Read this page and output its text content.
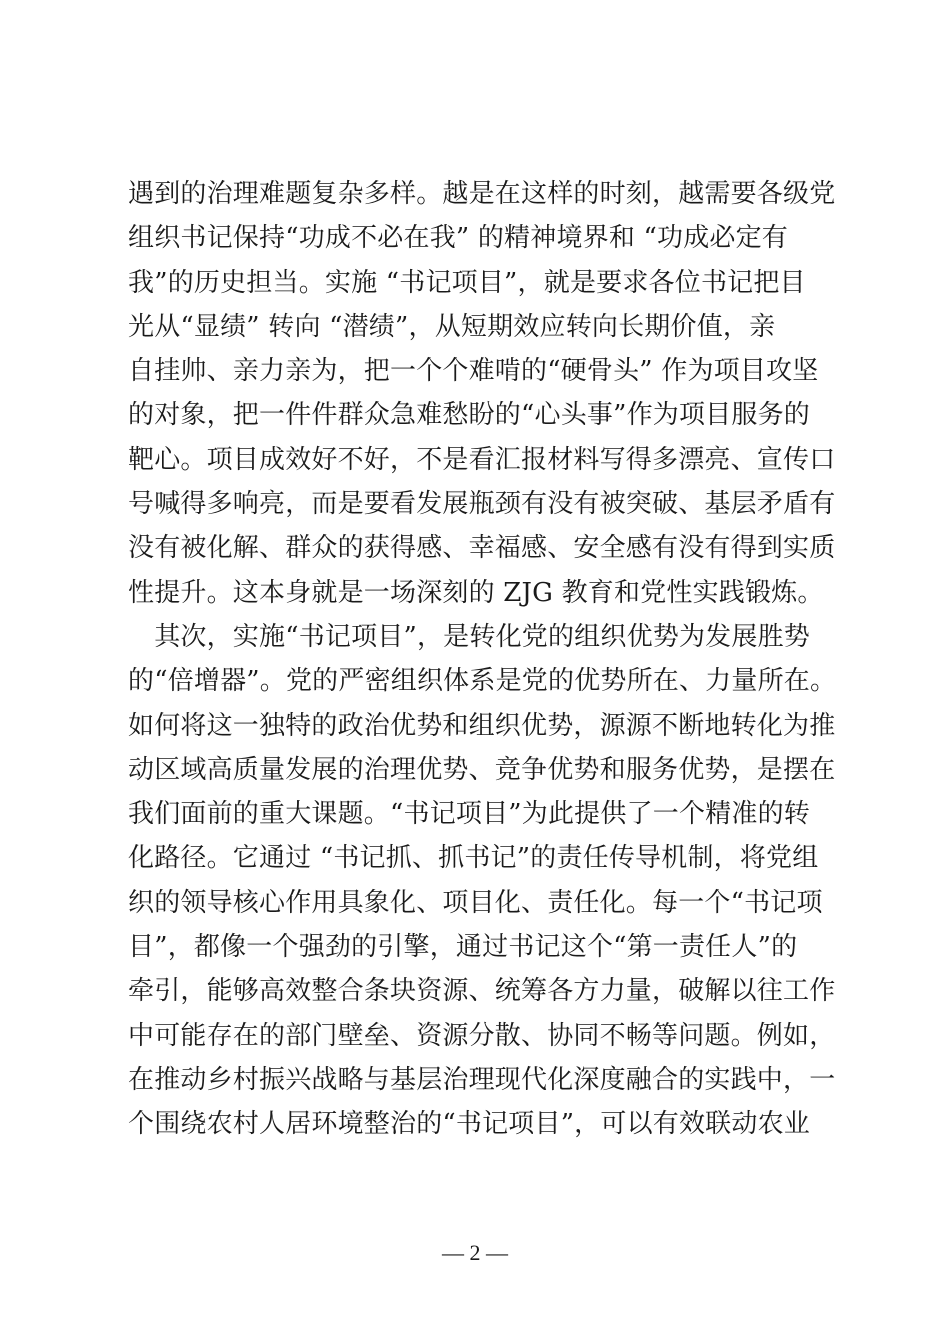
遇到的治理难题复杂多样。越是在这样的时刻，越需要各级党
组织书记保持“功成不必在我” 的精神境界和 “功成必定有
我”的历史担当。实施 “书记项目”，就是要求各位书记把目
光从“显绩” 转向 “潜绩”，从短期效应转向长期价值，亲
自挂帅、亲力亲为，把一个个难啃的“硬骨头” 作为项目攻坚
的对象，把一件件群众急难愁盼的“心头事”作为项目服务的
靶心。项目成效好不好，不是看汇报材料写得多漂亮、宣传口
号喊得多响亮，而是要看发展瓶颈有没有被突破、基层矛盾有
没有被化解、群众的获得感、幸福感、安全感有没有得到实质
性提升。这本身就是一场深刻的 ZJG 教育和党性实践锻炼。
　其次，实施“书记项目”，是转化党的组织优势为发展胜势
的“倍增器”。党的严密组织体系是党的优势所在、力量所在。
如何将这一独特的政治优势和组织优势，源源不断地转化为推
动区域高质量发展的治理优势、竞争优势和服务优势，是摆在
我们面前的重大课题。“书记项目”为此提供了一个精准的转
化路径。它通过 “书记抓、抓书记”的责任传导机制，将党组
织的领导核心作用具象化、项目化、责任化。每一个“书记项
目”，都像一个强劲的引擎，通过书记这个“第一责任人”的
牵引，能够高效整合条块资源、统筹各方力量，破解以往工作
中可能存在的部门壁垒、资源分散、协同不畅等问题。例如，
在推动乡村振兴战略与基层治理现代化深度融合的实践中，一
个围绕农村人居环境整治的“书记项目”，可以有效联动农业
— 2 —
